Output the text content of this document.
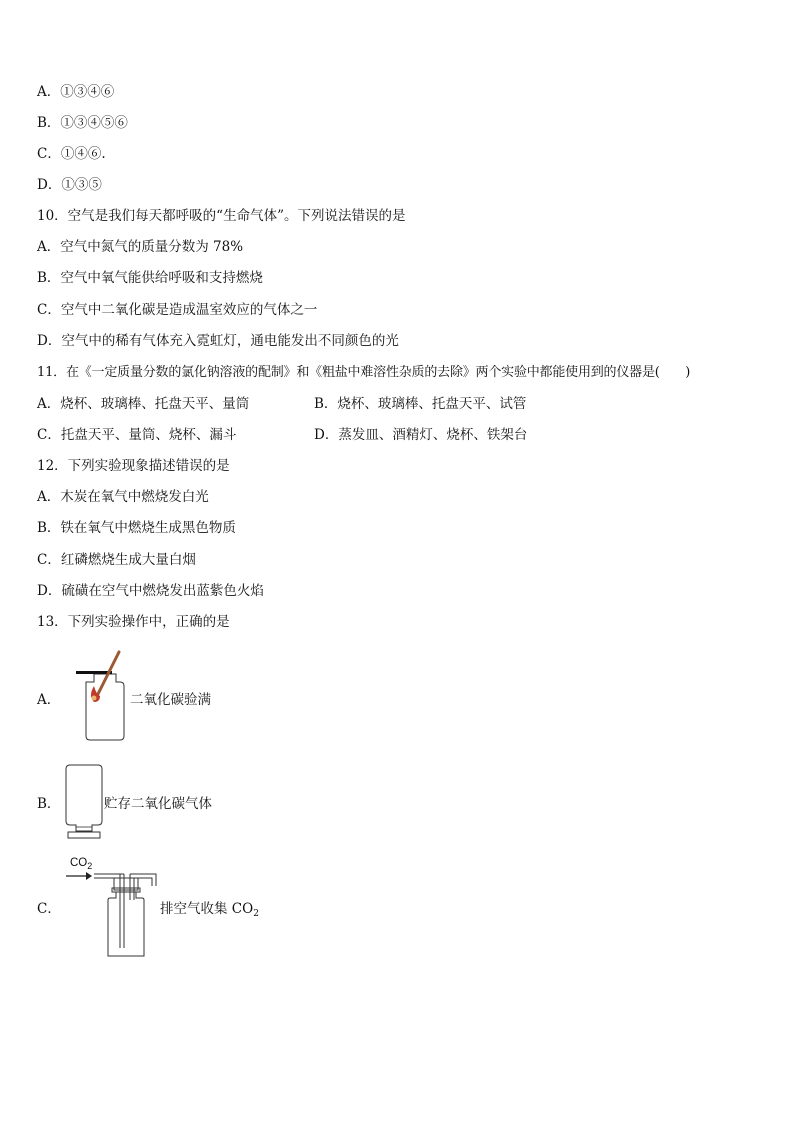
A．①③④⑥
B．①③④⑤⑥
C．①④⑥.
D．①③⑤
10．空气是我们每天都呼吸的“生命气体”。下列说法错误的是
A．空气中氮气的质量分数为 78%
B．空气中氧气能供给呼吸和支持燃烧
C．空气中二氧化碳是造成温室效应的气体之一
D．空气中的稀有气体充入霓虹灯，通电能发出不同颜色的光
11．在《一定质量分数的氯化钠溶液的配制》和《粗盐中难溶性杂质的去除》两个实验中都能使用到的仪器是(　　)
A．烧杯、玻璃棒、托盘天平、量筒	B．烧杯、玻璃棒、托盘天平、试管
C．托盘天平、量筒、烧杯、漏斗	D．蒸发皿、酒精灯、烧杯、铁架台
12．下列实验现象描述错误的是
A．木炭在氧气中燃烧发白光
B．铁在氧气中燃烧生成黑色物质
C．红磷燃烧生成大量白烟
D．硫磺在空气中燃烧发出蓝紫色火焰
13．下列实验操作中，正确的是
A．	二氧化碳验满
B．	贮存二氧化碳气体
C．
$CO_2$
排空气收集 $CO_2$
